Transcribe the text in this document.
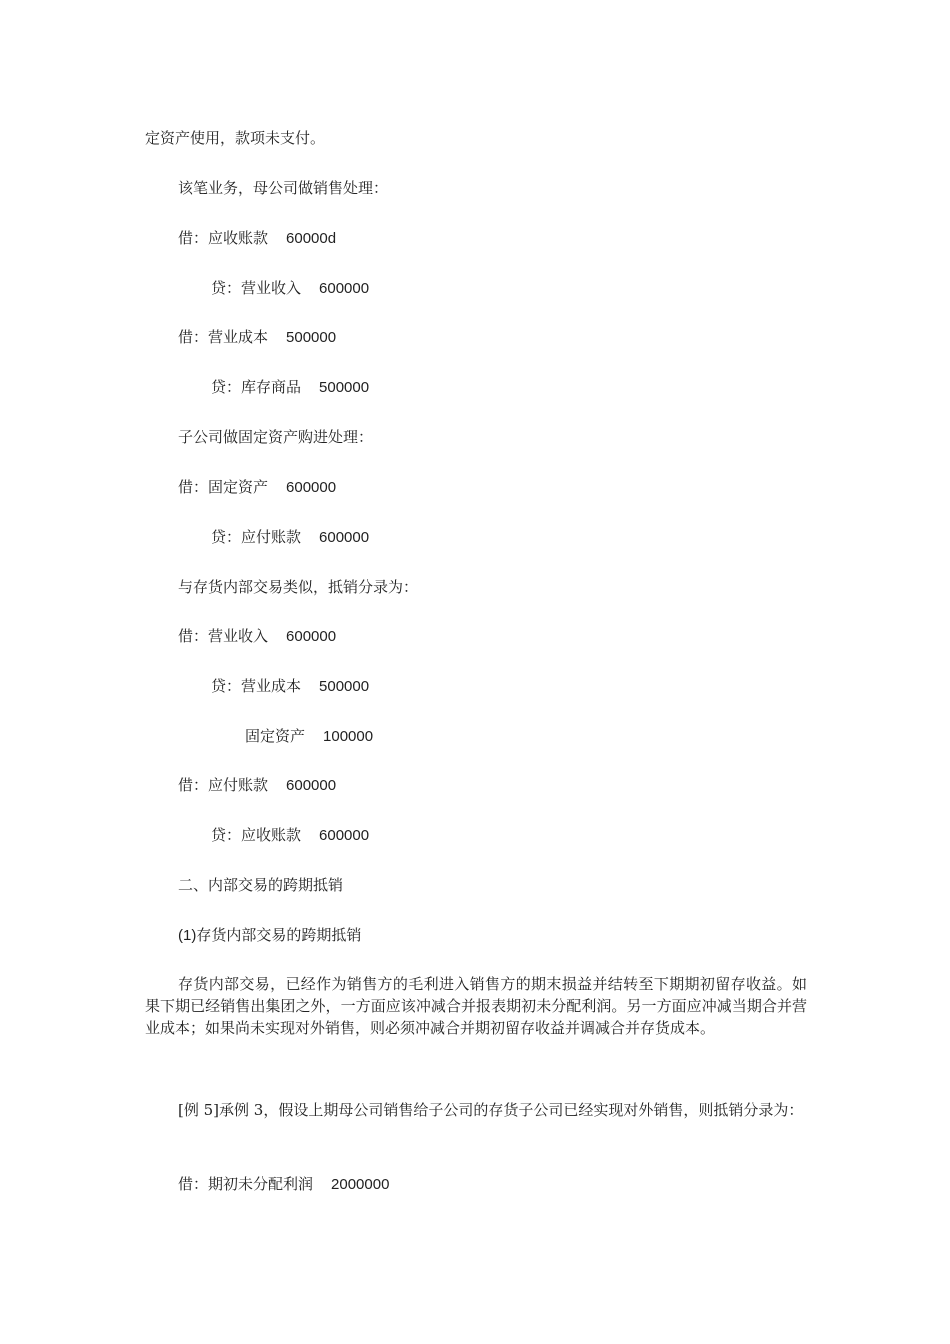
定资产使用，款项未支付。
该笔业务，母公司做销售处理：
借：应收账款 60000d
贷：营业收入 600000
借：营业成本 500000
贷：库存商品 500000
子公司做固定资产购进处理：
借：固定资产 600000
贷：应付账款 600000
与存货内部交易类似，抵销分录为：
借：营业收入 600000
贷：营业成本 500000
固定资产 100000
借：应付账款 600000
贷：应收账款 600000
二、内部交易的跨期抵销
(1)存货内部交易的跨期抵销
存货内部交易，已经作为销售方的毛利进入销售方的期末损益并结转至下期期初留存收益。如果下期已经销售出集团之外，一方面应该冲减合并报表期初未分配利润。另一方面应冲减当期合并营业成本；如果尚未实现对外销售，则必须冲减合并期初留存收益并调减合并存货成本。
[例 5]承例 3，假设上期母公司销售给子公司的存货子公司已经实现对外销售，则抵销分录为：
借：期初未分配利润 2000000
